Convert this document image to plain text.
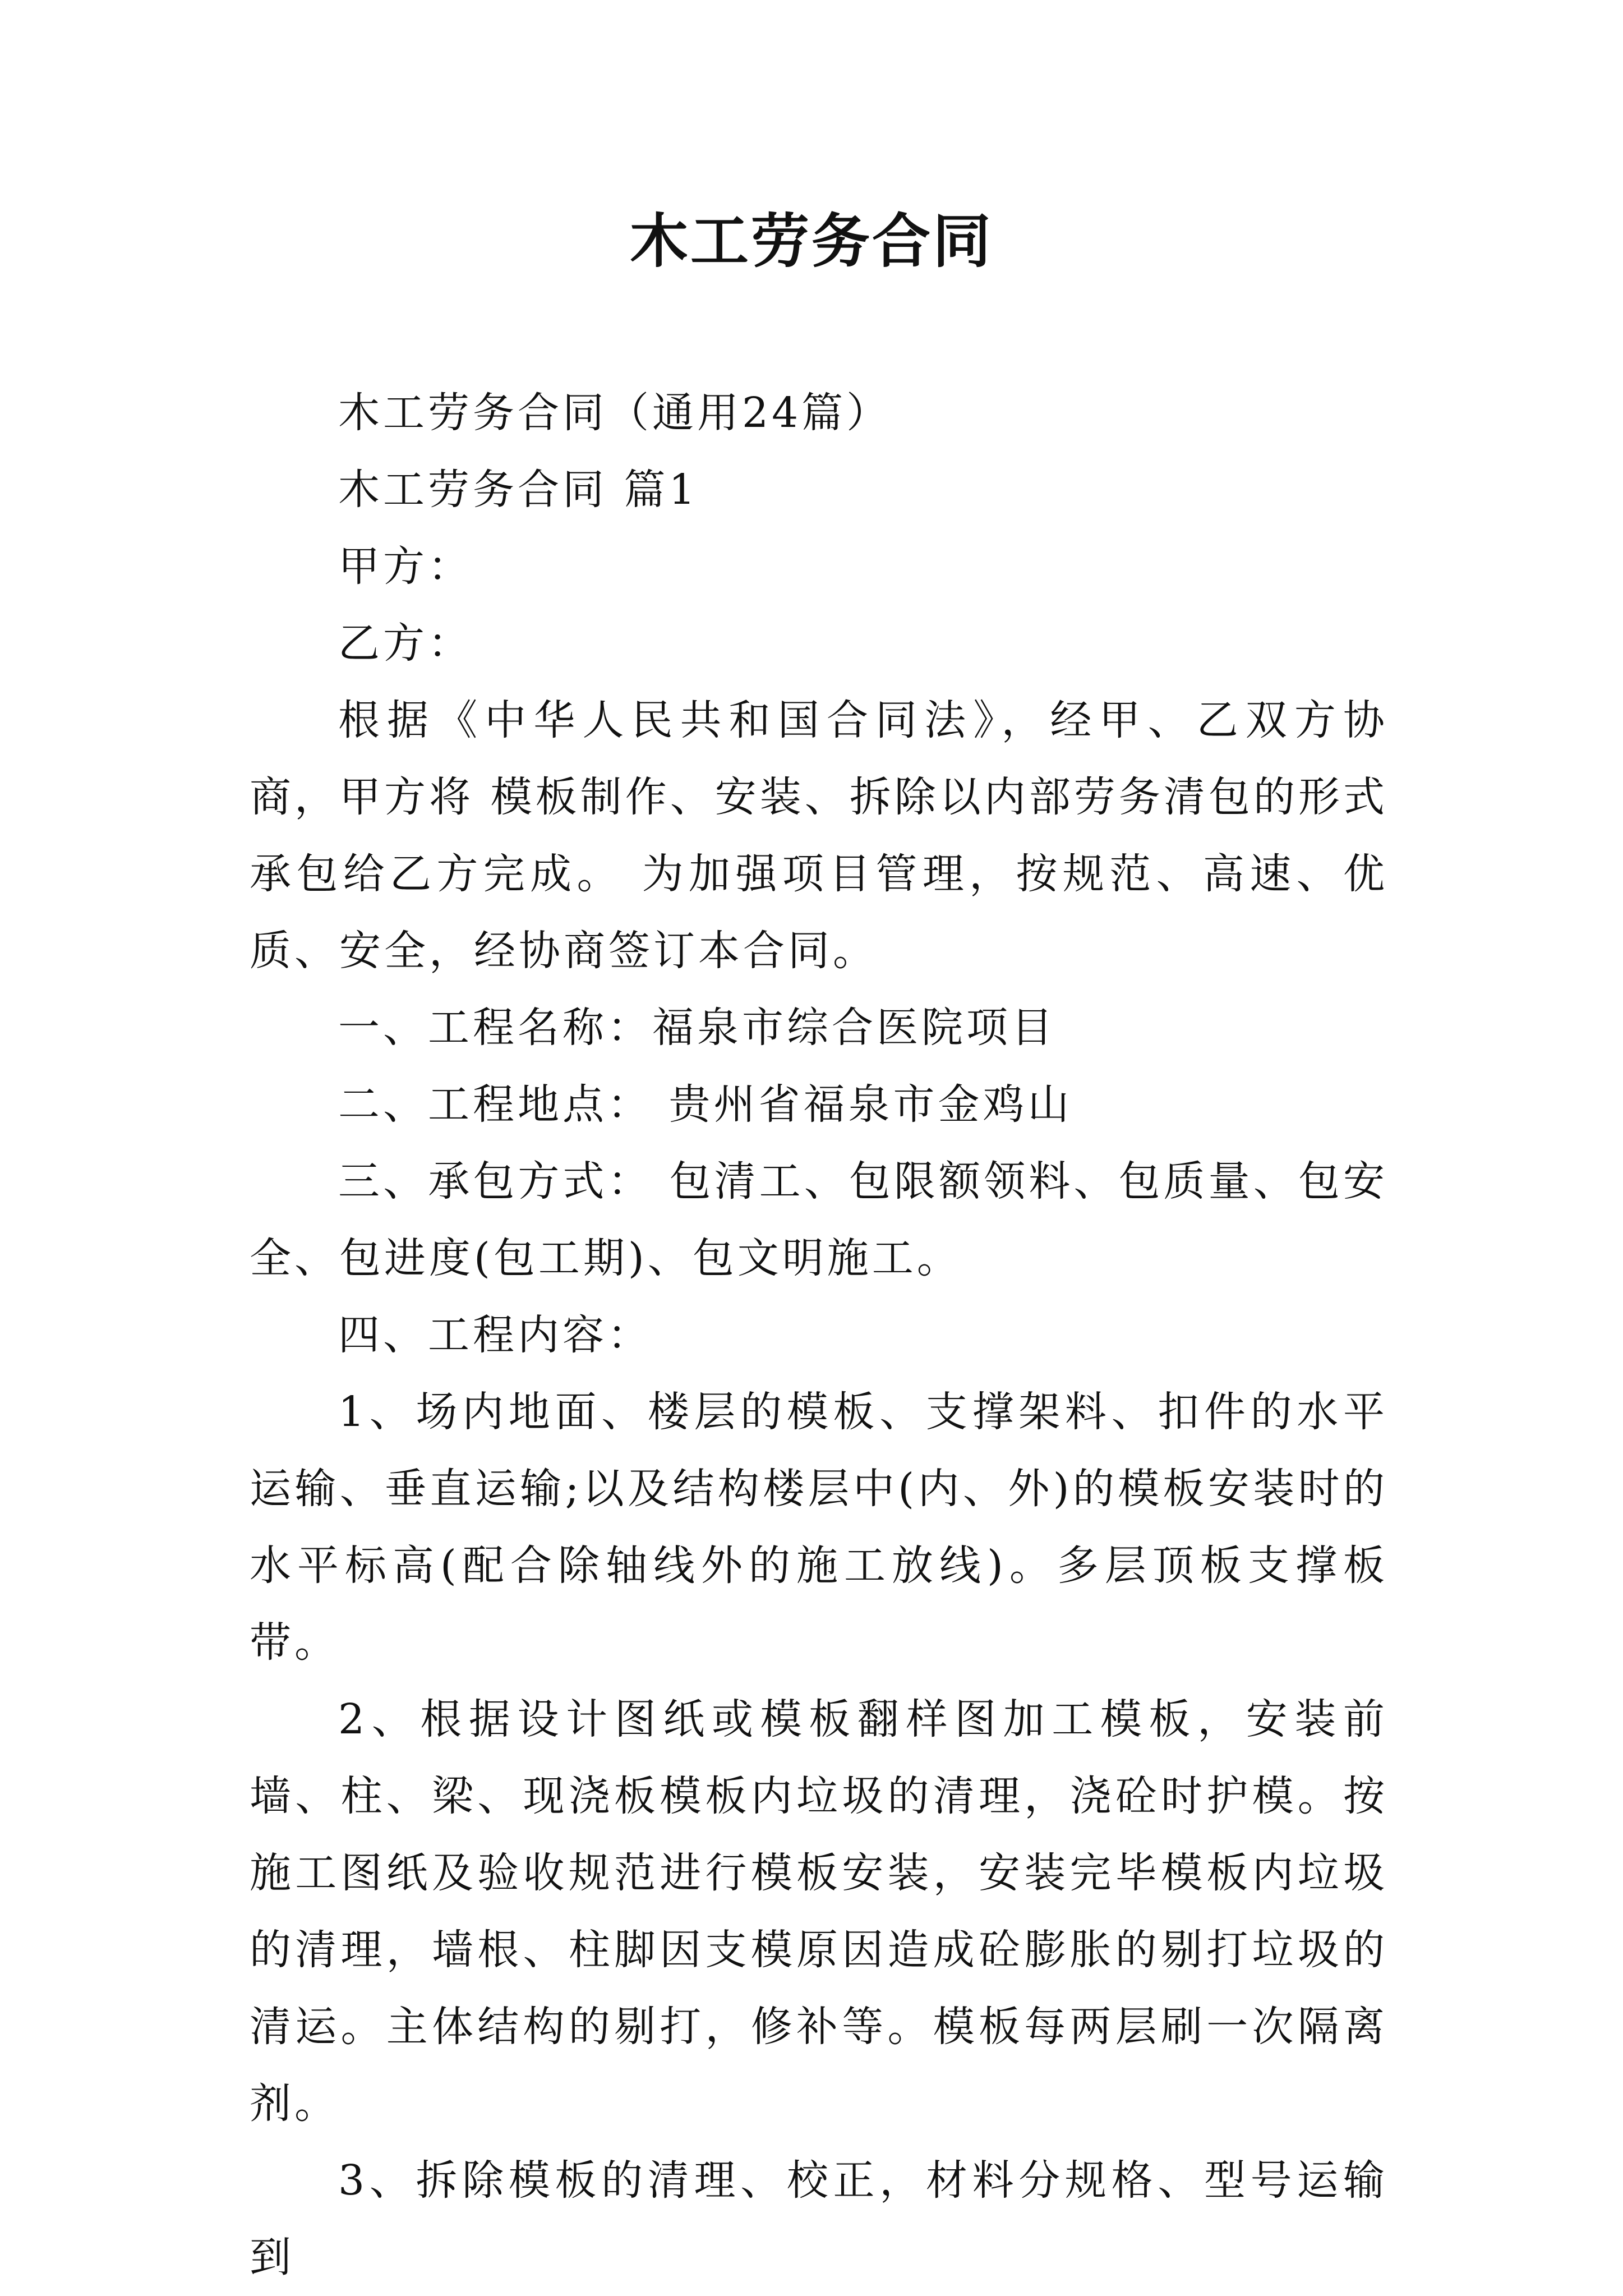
木工劳务合同

木工劳务合同（通用24篇）

木工劳务合同 篇1

甲方：

乙方：

根据《中华人民共和国合同法》，经甲、乙双方协商，甲方将 模板制作、安装、拆除以内部劳务清包的形式 承包给乙方完成。 为加强项目管理，按规范、高速、优质、安全，经协商签订本合同。

一、工程名称：福泉市综合医院项目

二、工程地点： 贵州省福泉市金鸡山

三、承包方式： 包清工、包限额领料、包质量、包安全、包进度(包工期)、包文明施工。

四、工程内容：

1、场内地面、楼层的模板、支撑架料、扣件的水平运输、垂直运输;以及结构楼层中(内、外)的模板安装时的水平标高(配合除轴线外的施工放线)。多层顶板支撑板带。

2、根据设计图纸或模板翻样图加工模板，安装前墙、柱、梁、现浇板模板内垃圾的清理，浇砼时护模。按施工图纸及验收规范进行模板安装，安装完毕模板内垃圾的清理，墙根、柱脚因支模原因造成砼膨胀的剔打垃圾的清运。主体结构的剔打，修补等。模板每两层刷一次隔离剂。

3、拆除模板的清理、校正，材料分规格、型号运输到
